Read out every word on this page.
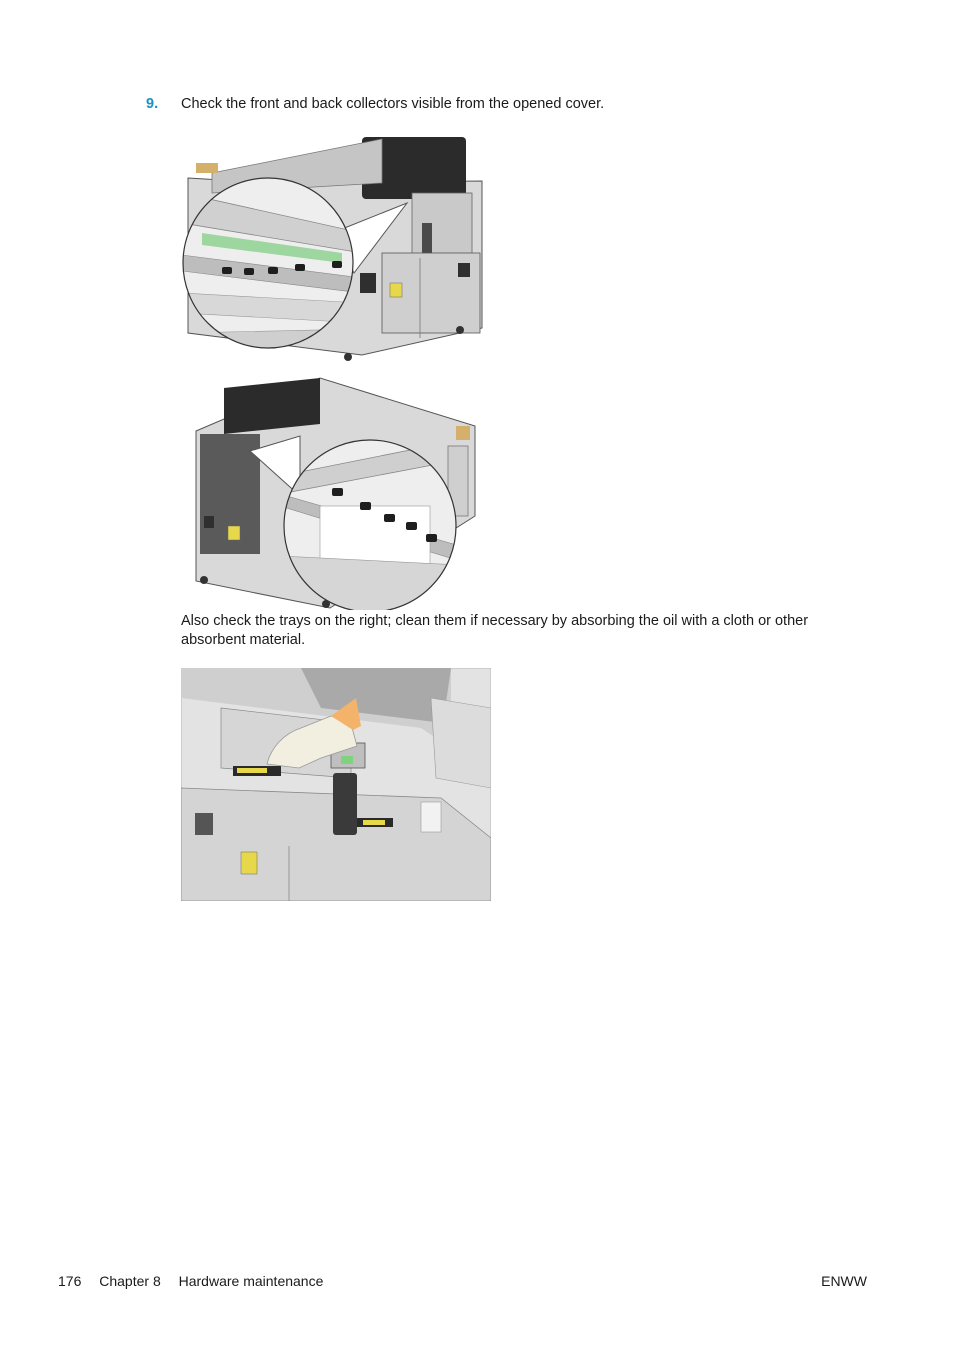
9. Check the front and back collectors visible from the opened cover.
Also check the trays on the right; clean them if necessary by absorbing the oil with a cloth or other absorbent material.
176 Chapter 8 Hardware maintenance	ENWW
